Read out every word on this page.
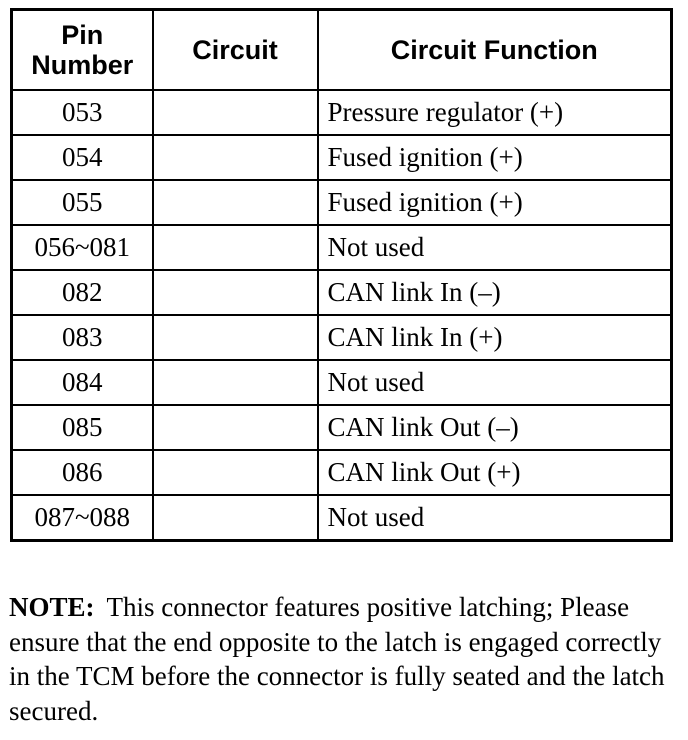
Pin
Number	Circuit	Circuit Function
053		Pressure regulator (+)
054		Fused ignition (+)
055		Fused ignition (+)
056~081		Not used
082		CAN link In (–)
083		CAN link In (+)
084		Not used
085		CAN link Out (–)
086		CAN link Out (+)
087~088		Not used

NOTE: This connector features positive latching; Please ensure that the end opposite to the latch is engaged correctly in the TCM before the connector is fully seated and the latch secured.
